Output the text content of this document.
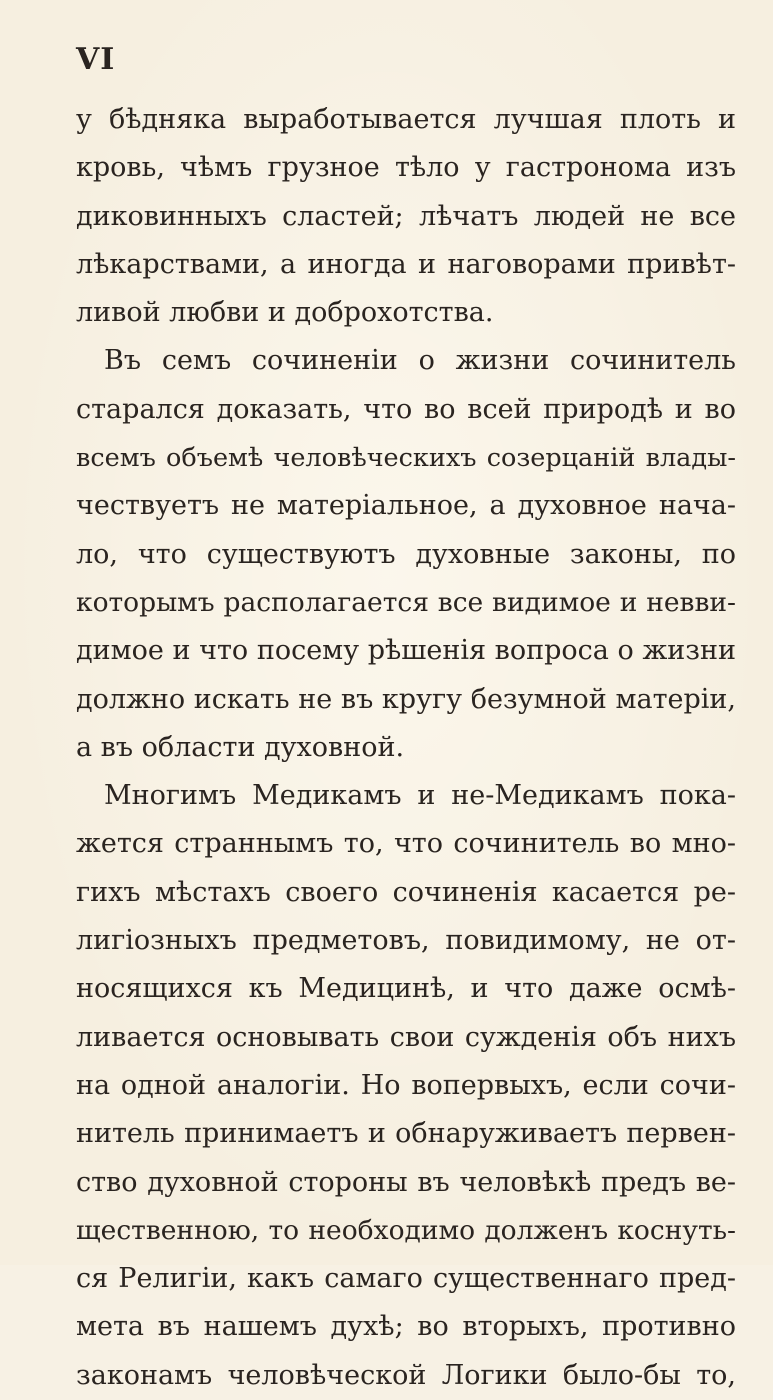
VI
у бѣдняка выработывается лучшая плоть и
кровь, чѣмъ грузное тѣло у гастронома изъ
диковинныхъ сластей; лѣчатъ людей не все
лѣкарствами, а иногда и наговорами привѣт-
ливой любви и доброхотства.
Въ семъ сочиненіи о жизни сочинитель
старался доказать, что во всей природѣ и во
всемъ объемѣ человѣческихъ созерцаній влады-
чествуетъ не матеріальное, а духовное нача-
ло, что существуютъ духовные законы, по
которымъ располагается все видимое и невви-
димое и что посему рѣшенія вопроса о жизни
должно искать не въ кругу безумной матеріи,
а въ области духовной.
Многимъ Медикамъ и не-Медикамъ пока-
жется страннымъ то, что сочинитель во мно-
гихъ мѣстахъ своего сочиненія касается ре-
лигіозныхъ предметовъ, повидимому, не от-
носящихся къ Медицинѣ, и что даже осмѣ-
ливается основывать свои сужденія объ нихъ
на одной аналогіи. Но вопервыхъ, если сочи-
нитель принимаетъ и обнаруживаетъ первен-
ство духовной стороны въ человѣкѣ предъ ве-
щественною, то необходимо долженъ коснуть-
ся Религіи, какъ самаго существеннаго пред-
мета въ нашемъ духѣ; во вторыхъ, противно
законамъ человѣческой Логики было-бы то,
